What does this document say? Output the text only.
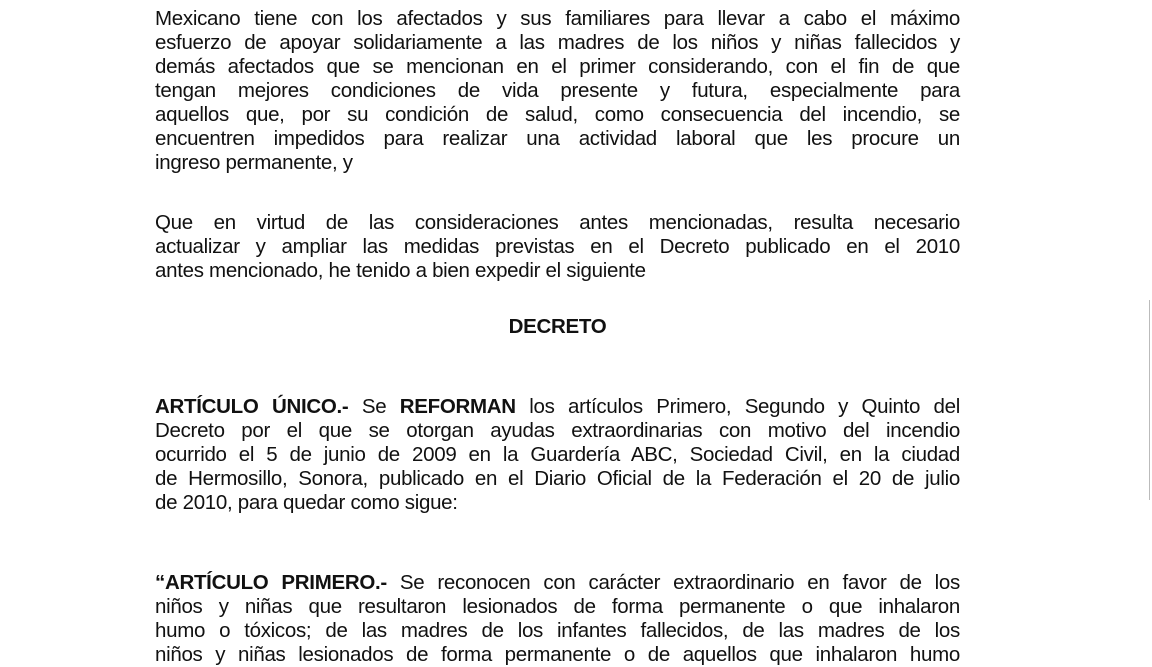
Mexicano tiene con los afectados y sus familiares para llevar a cabo el máximo
esfuerzo de apoyar solidariamente a las madres de los niños y niñas fallecidos y
demás afectados que se mencionan en el primer considerando, con el fin de que
tengan mejores condiciones de vida presente y futura, especialmente para
aquellos que, por su condición de salud, como consecuencia del incendio, se
encuentren impedidos para realizar una actividad laboral que les procure un
ingreso permanente, y
Que en virtud de las consideraciones antes mencionadas, resulta necesario
actualizar y ampliar las medidas previstas en el Decreto publicado en el 2010
antes mencionado, he tenido a bien expedir el siguiente
DECRETO
ARTÍCULO ÚNICO.- Se REFORMAN los artículos Primero, Segundo y Quinto del
Decreto por el que se otorgan ayudas extraordinarias con motivo del incendio
ocurrido el 5 de junio de 2009 en la Guardería ABC, Sociedad Civil, en la ciudad
de Hermosillo, Sonora, publicado en el Diario Oficial de la Federación el 20 de julio
de 2010, para quedar como sigue:
“ARTÍCULO PRIMERO.- Se reconocen con carácter extraordinario en favor de los
niños y niñas que resultaron lesionados de forma permanente o que inhalaron
humo o tóxicos; de las madres de los infantes fallecidos, de las madres de los
niños y niñas lesionados de forma permanente o de aquellos que inhalaron humo
